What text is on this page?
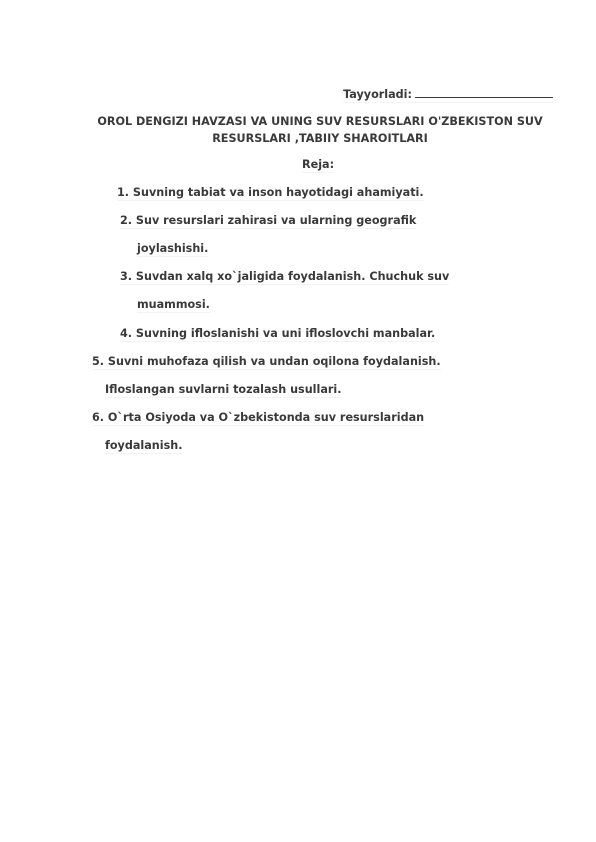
Tayyorladi:
OROL DENGIZI HAVZASI VA UNING SUV RESURSLARI O'ZBEKISTON SUV RESURSLARI ,TABIIY SHAROITLARI
Reja:
1. Suvning tabiat va inson hayotidagi ahamiyati.
2. Suv resurslari zahirasi va ularning geografik
joylashishi.
3. Suvdan xalq xo`jaligida foydalanish. Chuchuk suv
muammosi.
4. Suvning ifloslanishi va uni ifloslovchi manbalar.
5. Suvni muhofaza qilish va undan oqilona foydalanish.
Ifloslangan suvlarni tozalash usullari.
6. O`rta Osiyoda va O`zbekistonda suv resurslaridan
foydalanish.
